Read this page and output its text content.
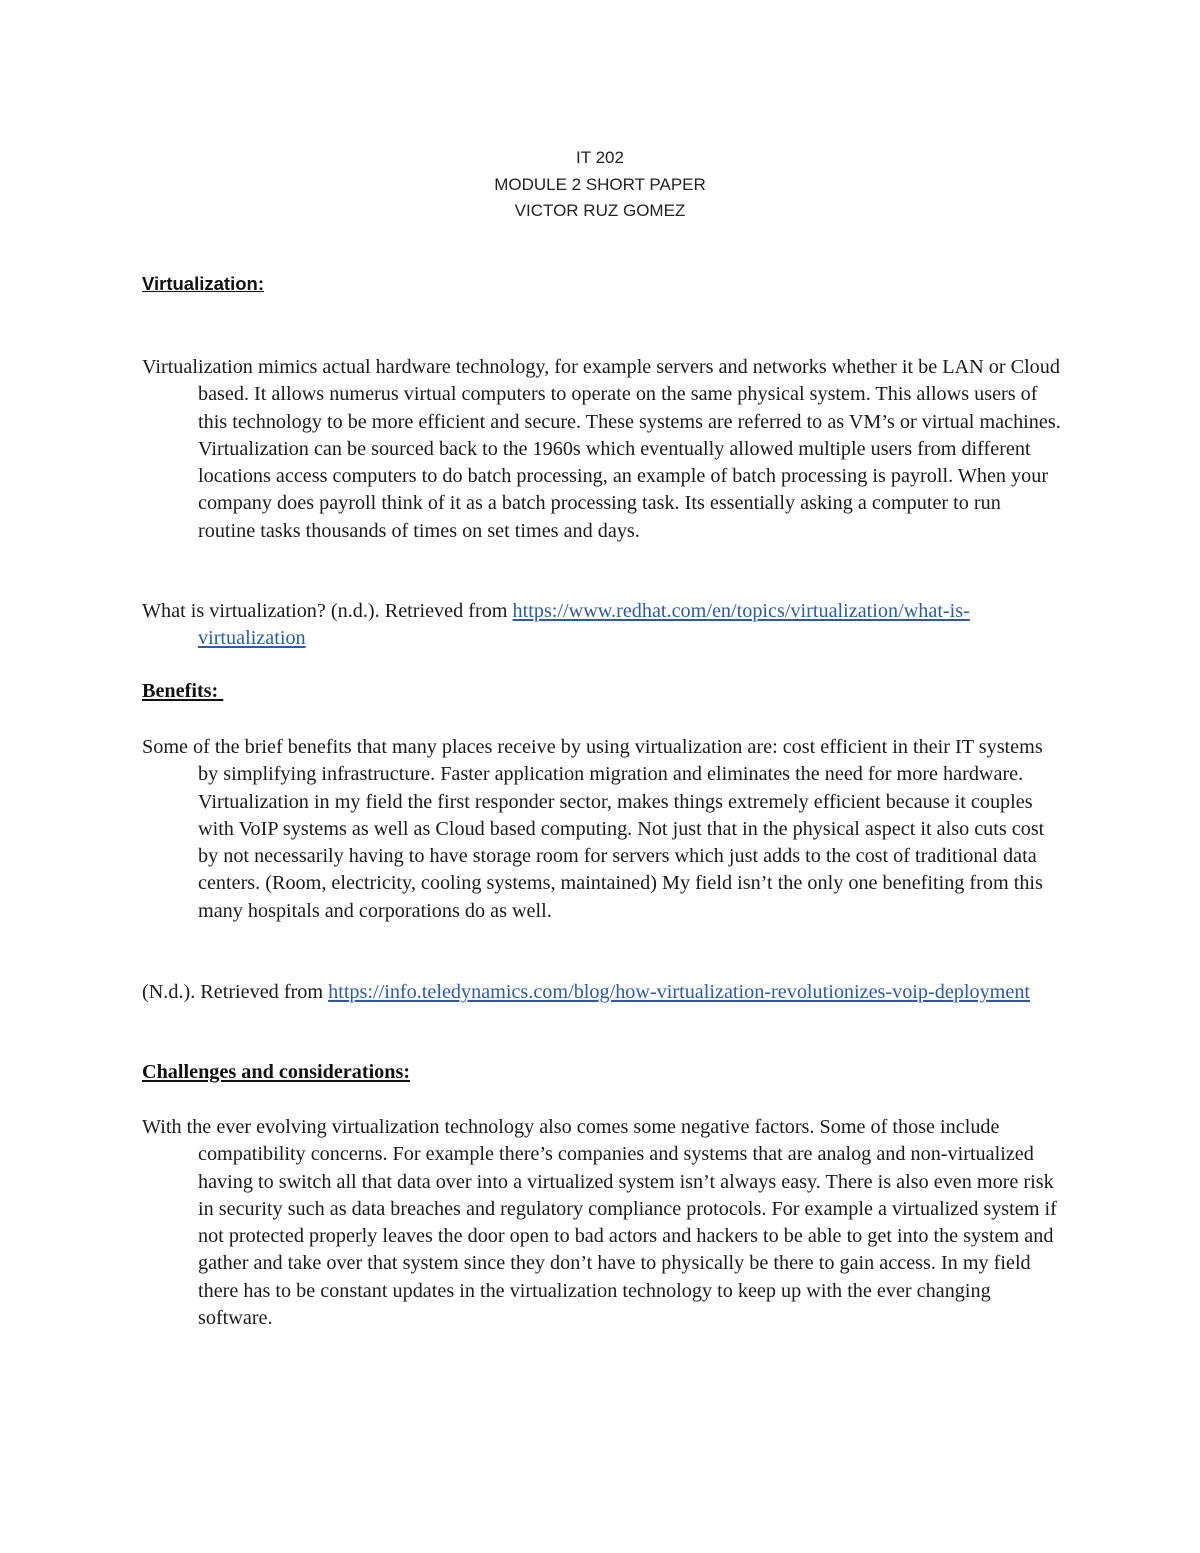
IT 202
MODULE 2 SHORT PAPER
VICTOR RUZ GOMEZ
Virtualization:

Virtualization mimics actual hardware technology, for example servers and networks whether it be LAN or Cloud based. It allows numerus virtual computers to operate on the same physical system. This allows users of this technology to be more efficient and secure. These systems are referred to as VM’s or virtual machines. Virtualization can be sourced back to the 1960s which eventually allowed multiple users from different locations access computers to do batch processing, an example of batch processing is payroll. When your company does payroll think of it as a batch processing task. Its essentially asking a computer to run routine tasks thousands of times on set times and days.

What is virtualization? (n.d.). Retrieved from https://www.redhat.com/en/topics/virtualization/what-is-virtualization

Benefits:

Some of the brief benefits that many places receive by using virtualization are: cost efficient in their IT systems by simplifying infrastructure. Faster application migration and eliminates the need for more hardware. Virtualization in my field the first responder sector, makes things extremely efficient because it couples with VoIP systems as well as Cloud based computing. Not just that in the physical aspect it also cuts cost by not necessarily having to have storage room for servers which just adds to the cost of traditional data centers. (Room, electricity, cooling systems, maintained) My field isn’t the only one benefiting from this many hospitals and corporations do as well.

(N.d.). Retrieved from https://info.teledynamics.com/blog/how-virtualization-revolutionizes-voip-deployment

Challenges and considerations:

With the ever evolving virtualization technology also comes some negative factors. Some of those include compatibility concerns. For example there’s companies and systems that are analog and non-virtualized having to switch all that data over into a virtualized system isn’t always easy. There is also even more risk in security such as data breaches and regulatory compliance protocols. For example a virtualized system if not protected properly leaves the door open to bad actors and hackers to be able to get into the system and gather and take over that system since they don’t have to physically be there to gain access. In my field there has to be constant updates in the virtualization technology to keep up with the ever changing software.
